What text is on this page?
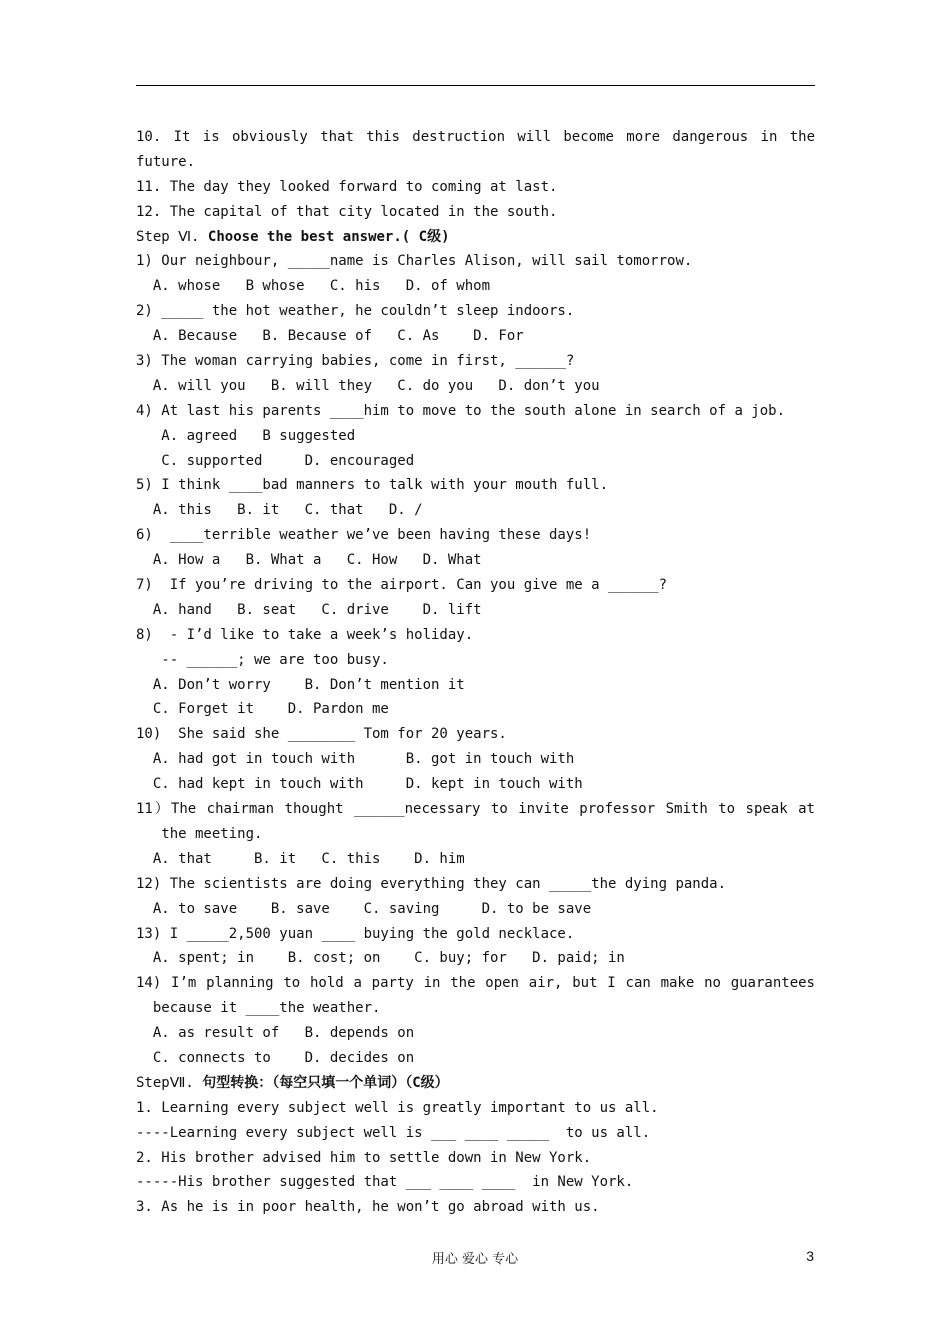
10. It is obviously that this destruction will become more dangerous in the
future.
11. The day they looked forward to coming at last.
12. The capital of that city located in the south.
Step Ⅵ. Choose the best answer.( C级)
1) Our neighbour, _____name is Charles Alison, will sail tomorrow.
A. whose   B whose   C. his   D. of whom
2) _____ the hot weather, he couldn’t sleep indoors.
A. Because   B. Because of   C. As    D. For
3) The woman carrying babies, come in first, ______?
A. will you   B. will they   C. do you   D. don’t you
4) At last his parents ____him to move to the south alone in search of a job.
A. agreed   B suggested
C. supported     D. encouraged
5) I think ____bad manners to talk with your mouth full.
A. this   B. it   C. that   D. /
6)  ____terrible weather we’ve been having these days!
A. How a   B. What a   C. How   D. What
7)  If you’re driving to the airport. Can you give me a ______?
A. hand   B. seat   C. drive    D. lift
8)  - I’d like to take a week’s holiday.
-- ______; we are too busy.
A. Don’t worry    B. Don’t mention it
C. Forget it    D. Pardon me
10)  She said she ________ Tom for 20 years.
A. had got in touch with      B. got in touch with
C. had kept in touch with     D. kept in touch with
11）The chairman thought ______necessary to invite professor Smith to speak at
the meeting.
A. that     B. it   C. this    D. him
12) The scientists are doing everything they can _____the dying panda.
A. to save    B. save    C. saving     D. to be save
13) I _____2,500 yuan ____ buying the gold necklace.
A. spent; in    B. cost; on    C. buy; for   D. paid; in
14) I’m planning to hold a party in the open air, but I can make no guarantees
because it ____the weather.
A. as result of   B. depends on
C. connects to    D. decides on
StepⅦ. 句型转换：（每空只填一个单词）（C级）
1. Learning every subject well is greatly important to us all.
----Learning every subject well is ___ ____ _____  to us all.
2. His brother advised him to settle down in New York.
-----His brother suggested that ___ ____ ____  in New York.
3. As he is in poor health, he won’t go abroad with us.
用心 爱心 专心	3
